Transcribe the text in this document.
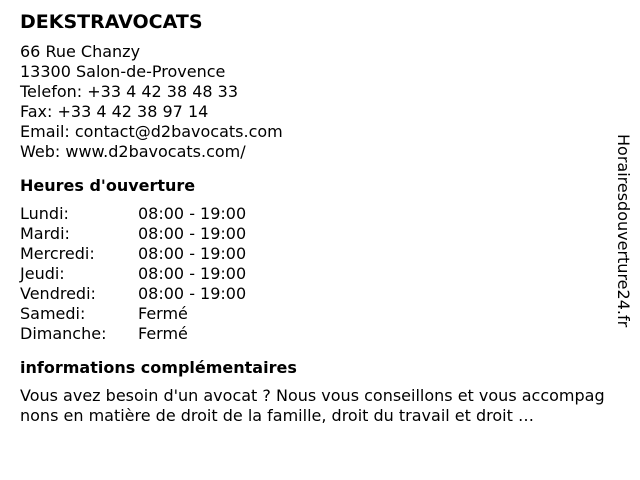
DEKSTRAVOCATS
66 Rue Chanzy
13300 Salon-de-Provence
Telefon: +33 4 42 38 48 33
Fax: +33 4 42 38 97 14
Email: contact@d2bavocats.com
Web: www.d2bavocats.com/
Heures d'ouverture
Lundi:	08:00 - 19:00
Mardi:	08:00 - 19:00
Mercredi:	08:00 - 19:00
Jeudi:	08:00 - 19:00
Vendredi:	08:00 - 19:00
Samedi:	Fermé
Dimanche:	Fermé
informations complémentaires

Vous avez besoin d'un avocat ? Nous vous conseillons et vous accompagnons en matière de droit de la famille, droit du travail et droit …

Horairesdouverture24.fr
